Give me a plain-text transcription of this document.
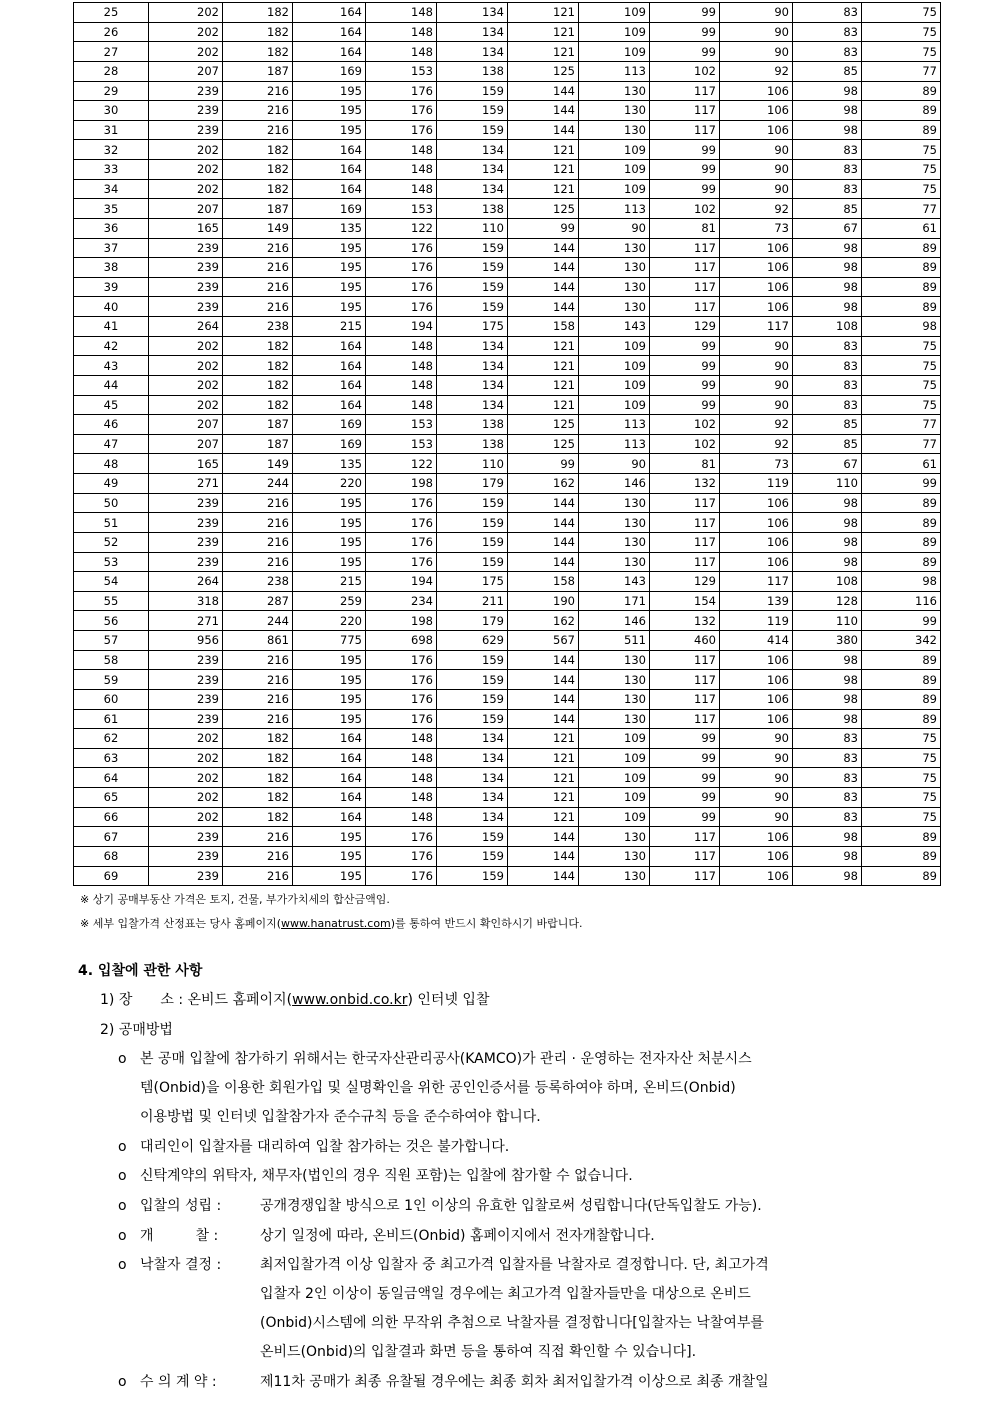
25	202	182	164	148	134	121	109	99	90	83	75
26	202	182	164	148	134	121	109	99	90	83	75
27	202	182	164	148	134	121	109	99	90	83	75
28	207	187	169	153	138	125	113	102	92	85	77
29	239	216	195	176	159	144	130	117	106	98	89
30	239	216	195	176	159	144	130	117	106	98	89
31	239	216	195	176	159	144	130	117	106	98	89
32	202	182	164	148	134	121	109	99	90	83	75
33	202	182	164	148	134	121	109	99	90	83	75
34	202	182	164	148	134	121	109	99	90	83	75
35	207	187	169	153	138	125	113	102	92	85	77
36	165	149	135	122	110	99	90	81	73	67	61
37	239	216	195	176	159	144	130	117	106	98	89
38	239	216	195	176	159	144	130	117	106	98	89
39	239	216	195	176	159	144	130	117	106	98	89
40	239	216	195	176	159	144	130	117	106	98	89
41	264	238	215	194	175	158	143	129	117	108	98
42	202	182	164	148	134	121	109	99	90	83	75
43	202	182	164	148	134	121	109	99	90	83	75
44	202	182	164	148	134	121	109	99	90	83	75
45	202	182	164	148	134	121	109	99	90	83	75
46	207	187	169	153	138	125	113	102	92	85	77
47	207	187	169	153	138	125	113	102	92	85	77
48	165	149	135	122	110	99	90	81	73	67	61
49	271	244	220	198	179	162	146	132	119	110	99
50	239	216	195	176	159	144	130	117	106	98	89
51	239	216	195	176	159	144	130	117	106	98	89
52	239	216	195	176	159	144	130	117	106	98	89
53	239	216	195	176	159	144	130	117	106	98	89
54	264	238	215	194	175	158	143	129	117	108	98
55	318	287	259	234	211	190	171	154	139	128	116
56	271	244	220	198	179	162	146	132	119	110	99
57	956	861	775	698	629	567	511	460	414	380	342
58	239	216	195	176	159	144	130	117	106	98	89
59	239	216	195	176	159	144	130	117	106	98	89
60	239	216	195	176	159	144	130	117	106	98	89
61	239	216	195	176	159	144	130	117	106	98	89
62	202	182	164	148	134	121	109	99	90	83	75
63	202	182	164	148	134	121	109	99	90	83	75
64	202	182	164	148	134	121	109	99	90	83	75
65	202	182	164	148	134	121	109	99	90	83	75
66	202	182	164	148	134	121	109	99	90	83	75
67	239	216	195	176	159	144	130	117	106	98	89
68	239	216	195	176	159	144	130	117	106	98	89
69	239	216	195	176	159	144	130	117	106	98	89
※ 상기 공매부동산 가격은 토지, 건물, 부가가치세의 합산금액임.
※ 세부 입찰가격 산정표는 당사 홈페이지(www.hanatrust.com)를 통하여 반드시 확인하시기 바랍니다.
4. 입찰에 관한 사항
1) 장　　소 : 온비드 홈페이지(www.onbid.co.kr) 인터넷 입찰
2) 공매방법
o 본 공매 입찰에 참가하기 위해서는 한국자산관리공사(KAMCO)가 관리 · 운영하는 전자자산 처분시스
템(Onbid)을 이용한 회원가입 및 실명확인을 위한 공인인증서를 등록하여야 하며, 온비드(Onbid)
이용방법 및 인터넷 입찰참가자 준수규칙 등을 준수하여야 합니다.
o 대리인이 입찰자를 대리하여 입찰 참가하는 것은 불가합니다.
o 신탁계약의 위탁자, 채무자(법인의 경우 직원 포함)는 입찰에 참가할 수 없습니다.
o 입찰의 성립 :	공개경쟁입찰 방식으로 1인 이상의 유효한 입찰로써 성립합니다(단독입찰도 가능).
o 개　　　찰 :	상기 일정에 따라, 온비드(Onbid) 홈페이지에서 전자개찰합니다.
o 낙찰자 결정 :	최저입찰가격 이상 입찰자 중 최고가격 입찰자를 낙찰자로 결정합니다. 단, 최고가격
입찰자 2인 이상이 동일금액일 경우에는 최고가격 입찰자들만을 대상으로 온비드
(Onbid)시스템에 의한 무작위 추첨으로 낙찰자를 결정합니다[입찰자는 낙찰여부를
온비드(Onbid)의 입찰결과 화면 등을 통하여 직접 확인할 수 있습니다].
o 수 의 계 약 :	제11차 공매가 최종 유찰될 경우에는 최종 회차 최저입찰가격 이상으로 최종 개찰일
